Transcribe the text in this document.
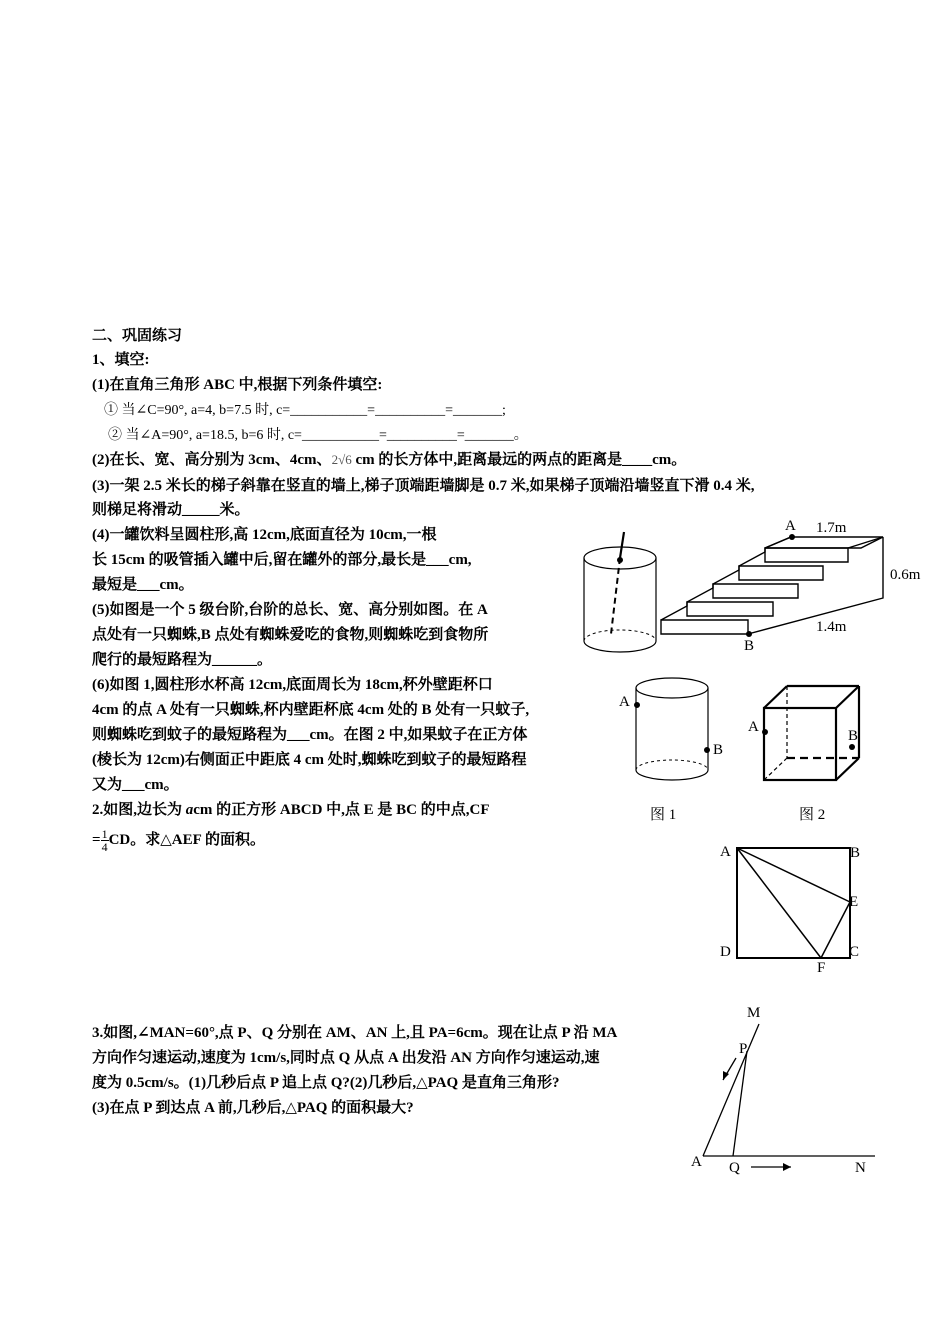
二、巩固练习
1、填空:
(1)在直角三角形 ABC 中,根据下列条件填空:
① 当∠C=90°, a=4, b=7.5 时, c=___________=__________=_______;
② 当∠A=90°, a=18.5, b=6 时, c=___________=__________=_______。
(2)在长、宽、高分别为 3cm、4cm、2√6 cm 的长方体中,距离最远的两点的距离是____cm。
(3)一架 2.5 米长的梯子斜靠在竖直的墙上,梯子顶端距墙脚是 0.7 米,如果梯子顶端沿墙竖直下滑 0.4 米,
则梯足将滑动_____米。
(4)一罐饮料呈圆柱形,高 12cm,底面直径为 10cm,一根
长 15cm 的吸管插入罐中后,留在罐外的部分,最长是___cm,
最短是___cm。
(5)如图是一个 5 级台阶,台阶的总长、宽、高分别如图。在 A
点处有一只蜘蛛,B 点处有蜘蛛爱吃的食物,则蜘蛛吃到食物所
爬行的最短路程为______。
(6)如图 1,圆柱形水杯高 12cm,底面周长为 18cm,杯外壁距杯口
4cm 的点 A 处有一只蜘蛛,杯内壁距杯底 4cm 处的 B 处有一只蚊子,
则蜘蛛吃到蚊子的最短路程为___cm。在图 2 中,如果蚊子在正方体
(棱长为 12cm)右侧面正中距底 4 cm 处时,蜘蛛吃到蚊子的最短路程
又为___cm。
2.如图,边长为 acm 的正方形 ABCD 中,点 E 是 BC 的中点,CF
= $\frac{1}{4}$ CD。求△AEF 的面积。
3.如图,∠MAN=60°,点 P、Q 分别在 AM、AN 上,且 PA=6cm。现在让点 P 沿 MA
方向作匀速运动,速度为 1cm/s,同时点 Q 从点 A 出发沿 AN 方向作匀速运动,速
度为 0.5cm/s。(1)几秒后点 P 追上点 Q?(2)几秒后,△PAQ 是直角三角形?
(3)在点 P 到达点 A 前,几秒后,△PAQ 的面积最大?
A 1.7m
0.6m
1.4m
B
A
B
图 1
A
B
图 2
A	B
E
D	C
F
M
P
A Q	N
